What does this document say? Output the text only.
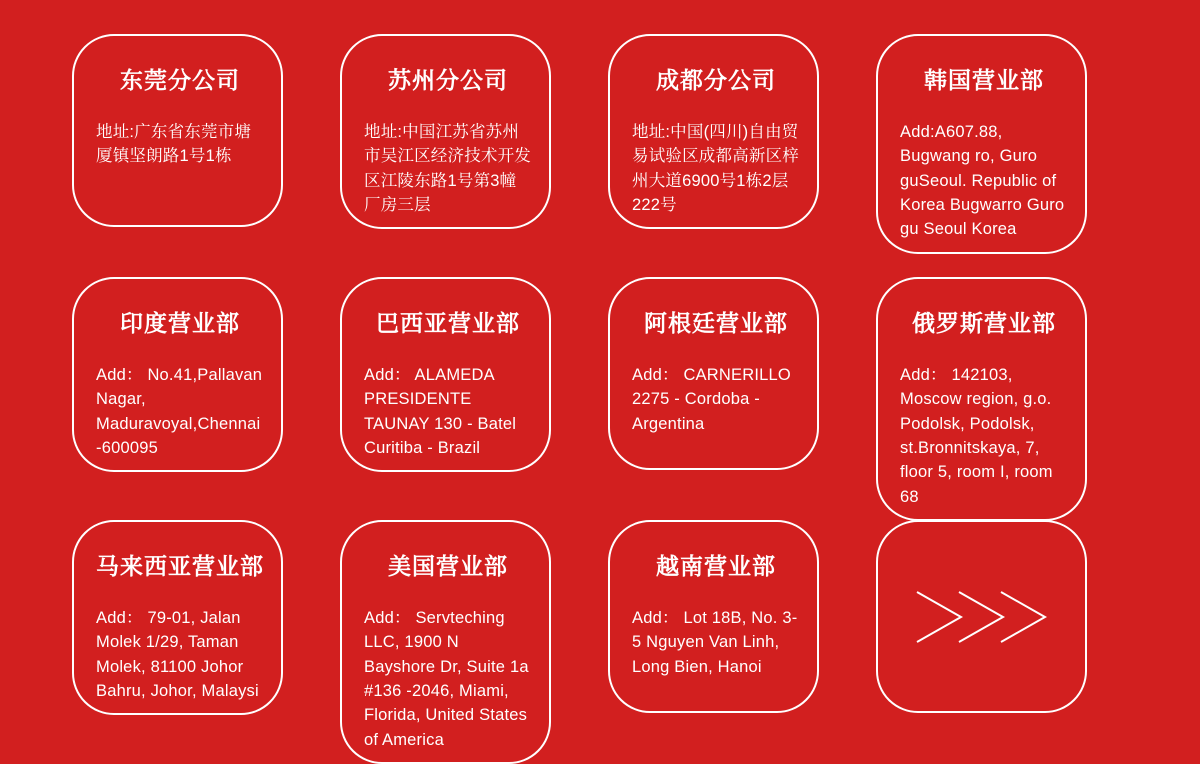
东莞分公司
地址:广东省东莞市塘厦镇坚朗路1号1栋
苏州分公司
地址:中国江苏省苏州市吴江区经济技术开发区江陵东路1号第3幢厂房三层
成都分公司
地址:中国(四川)自由贸易试验区成都高新区梓州大道6900号1栋2层222号
韩国营业部
Add:A607.88, Bugwang ro, Guro guSeoul. Republic of Korea Bugwarro Guro gu Seoul Korea
印度营业部
Add： No.41,Pallavan Nagar, Maduravoyal,Chennai-600095
巴西亚营业部
Add： ALAMEDA PRESIDENTE TAUNAY 130 - Batel Curitiba - Brazil
阿根廷营业部
Add： CARNERILLO 2275 - Cordoba - Argentina
俄罗斯营业部
Add： 142103, Moscow region, g.o. Podolsk, Podolsk, st.Bronnitskaya, 7, floor 5, room I, room 68
马来西亚营业部
Add： 79-01, Jalan Molek 1/29, Taman Molek, 81100 Johor Bahru, Johor, Malaysi
美国营业部
Add： Servteching LLC, 1900 N Bayshore Dr, Suite 1a #136 -2046, Miami, Florida, United States of America
越南营业部
Add： Lot 18B, No. 3-5 Nguyen Van Linh, Long Bien, Hanoi
